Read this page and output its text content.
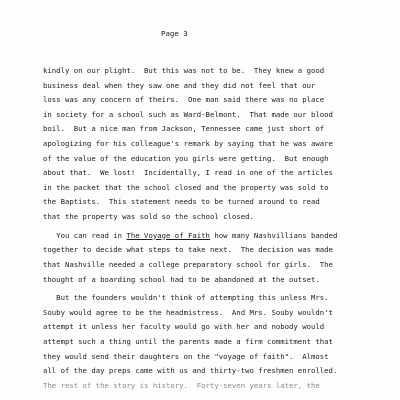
Page 3
kindly on our plight.  But this was not to be.  They knew a good
business deal when they saw one and they did not feel that our
loss was any concern of theirs.  One man said there was no place
in society for a school such as Ward-Belmont.  That made our blood
boil.  But a nice man from Jackson, Tennessee came just short of
apologizing for his colleague's remark by saying that he was aware
of the value of the education you girls were getting.  But enough
about that.  We lost!  Incidentally, I read in one of the articles
in the packet that the school closed and the property was sold to
the Baptists.  This statement needs to be turned around to read
that the property was sold so the school closed.
You can read in The Voyage of Faith how many Nashvillians banded
together to decide what steps to take next.  The decision was made
that Nashville needed a college preparatory school for girls.  The
thought of a boarding school had to be abandoned at the outset.
But the founders wouldn't think of attempting this unless Mrs.
Souby would agree to be the headmistress.  And Mrs. Souby wouldn't
attempt it unless her faculty would go with her and nobody would
attempt such a thing until the parents made a firm commitment that
they would send their daughters on the "voyage of faith".  Almost
all of the day preps came with us and thirty-two freshmen enrolled.
The rest of the story is history.  Forty-seven years later, the
